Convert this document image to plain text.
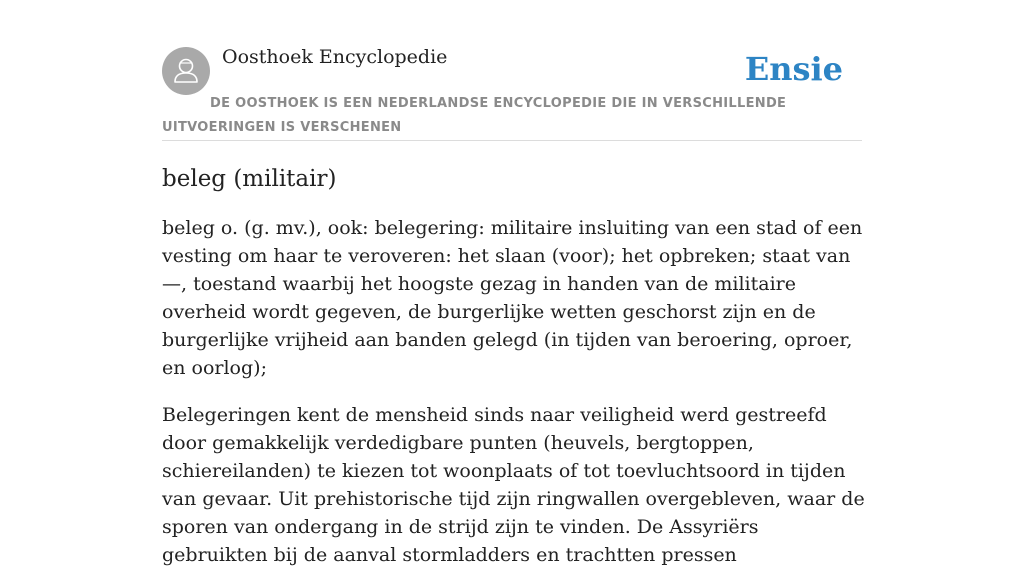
Oosthoek Encyclopedie	Ensie
DE OOSTHOEK IS EEN NEDERLANDSE ENCYCLOPEDIE DIE IN VERSCHILLENDE UITVOERINGEN IS VERSCHENEN
beleg (militair)

beleg o. (g. mv.), ook: belegering: militaire insluiting van een stad of een vesting om haar te veroveren: het slaan (voor); het opbreken; staat van —, toestand waarbij het hoogste gezag in handen van de militaire overheid wordt gegeven, de burgerlijke wetten geschorst zijn en de burgerlijke vrijheid aan banden gelegd (in tijden van beroering, oproer, en oorlog);

Belegeringen kent de mensheid sinds naar veiligheid werd gestreefd door gemakkelijk verdedigbare punten (heuvels, bergtoppen, schiereilanden) te kiezen tot woonplaats of tot toevluchtsoord in tijden van gevaar. Uit prehistorische tijd zijn ringwallen overgebleven, waar de sporen van ondergang in de strijd zijn te vinden. De Assyriërs gebruikten bij de aanval stormladders en trachtten pressen
